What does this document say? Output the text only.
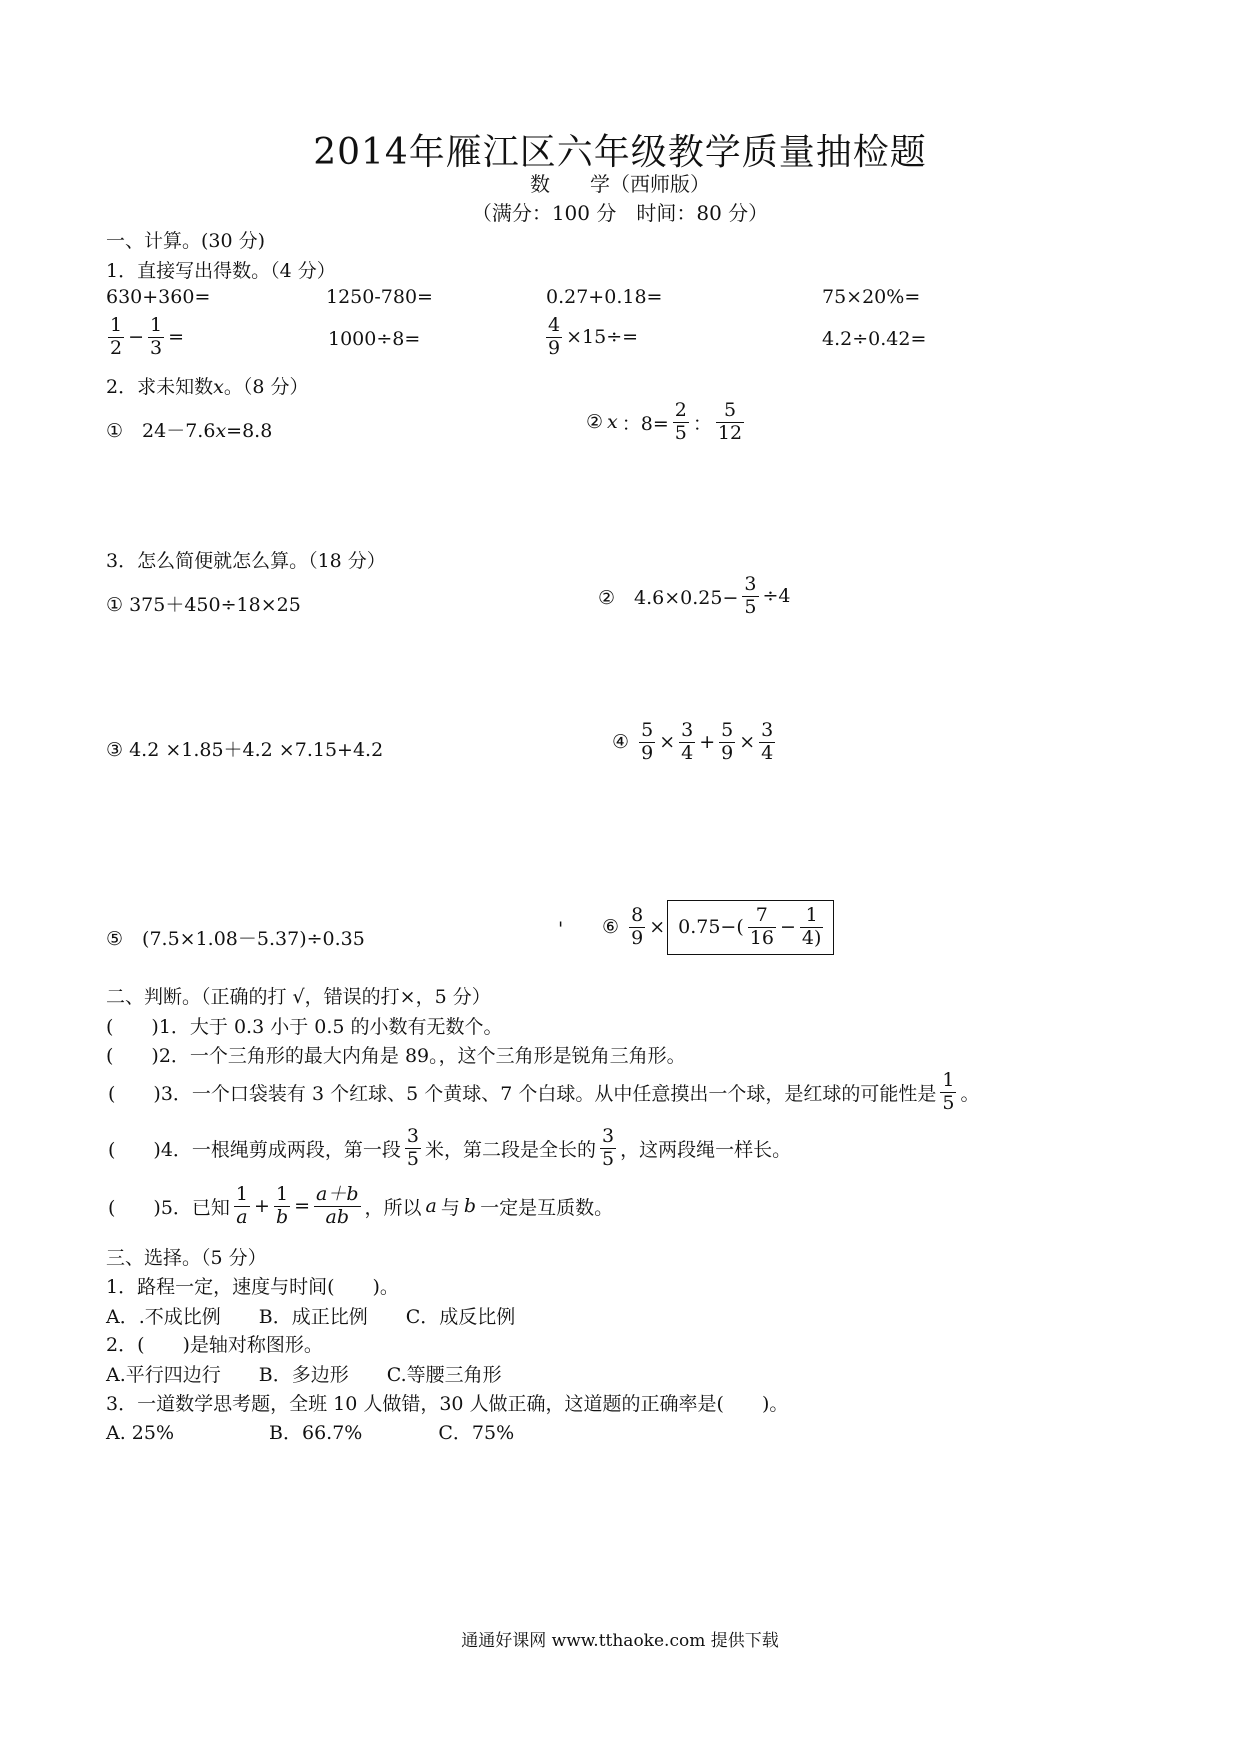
2014年雁江区六年级教学质量抽检题
数　　学（西师版）
（满分：100 分　时间：80 分）
一、计算。(30 分)
1．直接写出得数。（4 分）
630+360=	1250-780=	0.27+0.18=	75×20%=
$\frac{1}{2} - \frac{1}{3}$ =	1000÷8=	$\frac{4}{9} \times 15\div=$	4.2÷0.42=
2．求未知数x。（8 分）
①　24－7.6x=8.8	② x ：$8= \frac{2}{5}$ ： $\frac{5}{12}$
3．怎么简便就怎么算。（18 分）
① 375＋450÷18×25	②　$4.6\times 0.25- \frac{3}{5} \div 4$
③ 4.2 ×1.85＋4.2 ×7.15+4.2	④ $\frac{5}{9} \times \frac{3}{4} + \frac{5}{9} \times \frac{3}{4}$
⑤　(7.5×1.08－5.37)÷0.35	' ⑥ $\frac{8}{9} \times 0.75-( \frac{7}{16} - \frac{1}{4)}$
二、判断。（正确的打 √，错误的打×，5 分）
(　　)1．大于 0.3 小于 0.5 的小数有无数个。
(　　)2．一个三角形的最大内角是 89。，这个三角形是锐角三角形。
(　　)3．一个口袋装有 3 个红球、5 个黄球、7 个白球。从中任意摸出一个球，是红球的可能性是 $\frac{1}{5}$ 。
(　　)4．一根绳剪成两段，第一段 $\frac{3}{5}$ 米，第二段是全长的 $\frac{3}{5}$ ，这两段绳一样长。
(　　)5．已知 $\frac{1}{a} + \frac{1}{b} = \frac{a+b}{ab}$ ，所以 a 与 b 一定是互质数。
三、选择。（5 分）
1．路程一定，速度与时间(　　)。
A．.不成比例　　B．成正比例　　C．成反比例
2．(　　)是轴对称图形。
A.平行四边行　　B．多边形　　C.等腰三角形
3．一道数学思考题，全班 10 人做错，30 人做正确，这道题的正确率是(　　)。
A. 25%　　　　　B．66.7%　　　　C．75%
通通好课网 www.tthaoke.com 提供下载
